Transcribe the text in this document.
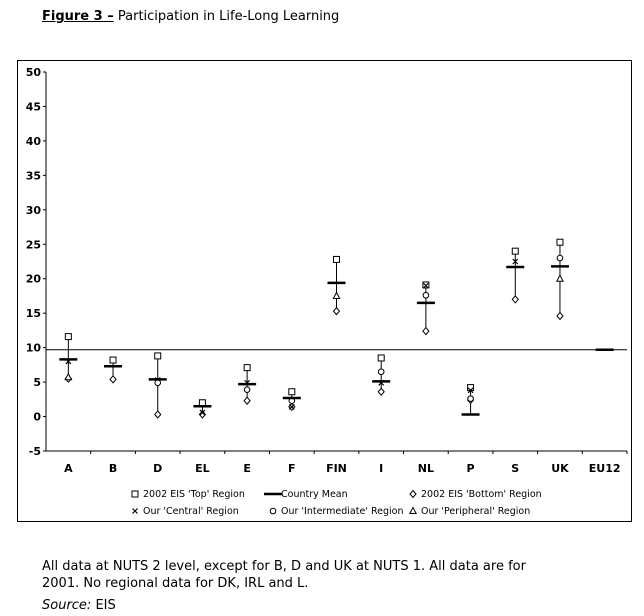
Figure 3 – Participation in Life-Long Learning
-5
0
5
10
15
20
25
30
35
40
45
50
A	B	D	EL	E	F	FIN	I	NL	P	S	UK EU12
2002 EIS 'Top' Region	Country Mean	2002 EIS 'Bottom' Region
Our 'Central' Region	Our 'Intermediate' Region Our 'Peripheral' Region
All data at NUTS 2 level, except for B, D and UK at NUTS 1. All data are for 2001. No regional data for DK, IRL and L.
Source: EIS
